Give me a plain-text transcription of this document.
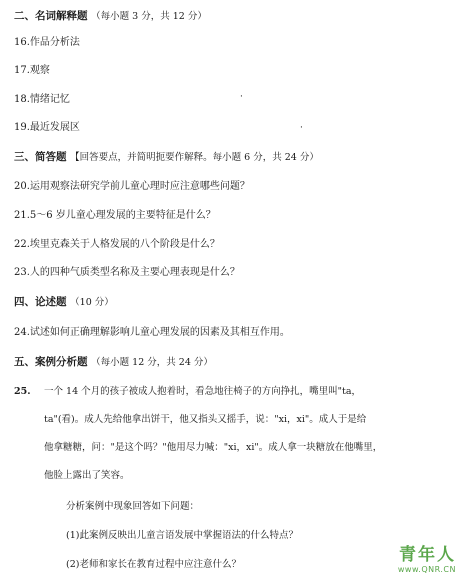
二、名词解释题 （每小题 3 分，共 12 分）
16.作品分析法
17.观察
18.情绪记忆
19.最近发展区
三、简答题 【回答要点，并简明扼要作解释。每小题 6 分，共 24 分）
20.运用观察法研究学前儿童心理时应注意哪些问题？
21.5～6 岁儿童心理发展的主要特征是什么？
22.埃里克森关于人格发展的八个阶段是什么？
23.人的四种气质类型名称及主要心理表现是什么？
四、论述题 （10 分）
24.试述如何正确理解影响儿童心理发展的因素及其相互作用。
五、案例分析题 （每小题 12 分，共 24 分）
25. 一个 14 个月的孩子被成人抱着时，看急地往椅子的方向挣扎，嘴里叫"ta，
ta"(看)。成人先给他拿出饼干，他又指头又摇手，说："xi，xi"。成人于是给
他拿糖糖，问："是这个吗？"他用尽力喊："xi，xi"。成人拿一块糖放在他嘴里，
他脸上露出了笑容。
分析案例中现象回答如下问题：
(1)此案例反映出儿童言语发展中掌握语法的什么特点？
(2)老师和家长在教育过程中应注意什么？
·
·
青年人
www.QNR.CN
